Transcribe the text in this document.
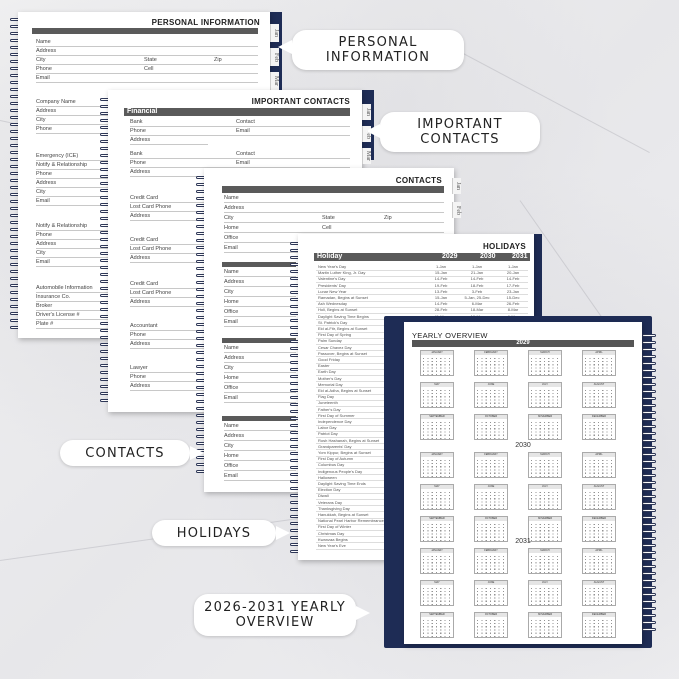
PERSONAL INFORMATION
Name
Address
City	State	Zip
Phone	Cell
Email
Company Name
Address
City
Phone
Emergency (ICE)
Notify & Relationship
Phone
Address
City
Email
Notify & Relationship
Phone
Address
City
Email
Automobile Information
Insurance Co.
Broker
Driver's License #
Plate #
Jan
Feb
Mar
IMPORTANT CONTACTS
Financial
Bank	Contact
Phone	Email
Address
Bank	Contact
Phone	Email
Address
Credit Card
Lost Card Phone
Address
Credit Card
Lost Card Phone
Address
Credit Card
Lost Card Phone
Address
Accountant
Phone
Address
Lawyer
Phone
Address
Jan
Feb
Mar
CONTACTS
Name
Address
City	State	Zip
Home	Cell
Office
Email
Name
Address
City
Home
Office
Email
Name
Address
City
Home
Office
Email
Name
Address
City
Home
Office
Email
Jan
Feb
HOLIDAYS
Holiday	2029	2030 2031
New Year's Day	1-Jan	1-Jan	1-Jan
Martin Luther King, Jr. Day	15-Jan	21-Jan	20-Jan
Valentine's Day	14-Feb	14-Feb	14-Feb
Presidents' Day	19-Feb	18-Feb	17-Feb
Lunar New Year	13-Feb	3-Feb	23-Jan
Ramadan, Begins at Sunset	15-Jan	5-Jan, 25-Dec	15-Dec
Ash Wednesday	14-Feb	6-Mar	26-Feb
Holi, Begins at Sunset	28-Feb	18-Mar	8-Mar
Daylight Saving Time Begins
St. Patrick's Day
Eid al-Fitr, Begins at Sunset
First Day of Spring
Palm Sunday
Cesar Chavez Day
Passover, Begins at Sunset
Good Friday
Easter
Earth Day
Mother's Day
Memorial Day
Eid al-Adha, Begins at Sunset
Flag Day
Juneteenth
Father's Day
First Day of Summer
Independence Day
Labor Day
Patriot Day
Rosh Hashanah, Begins at Sunset
Grandparents' Day
Yom Kippur, Begins at Sunset
First Day of Autumn
Columbus Day
Indigenous People's Day
Halloween
Daylight Saving Time Ends
Election Day
Diwali
Veterans Day
Thanksgiving Day
Hanukkah, Begins at Sunset
National Pearl Harbor Remembrance
First Day of Winter
Christmas Day
Kwanzaa Begins
New Year's Eve
YEARLY OVERVIEW
2029
JANUARY	FEBRUARY	MARCH	APRIL
MAY	JUNE	JULY	AUGUST
SEPTEMBER	OCTOBER	NOVEMBER	DECEMBER
2030
JANUARY	FEBRUARY	MARCH	APRIL
MAY	JUNE	JULY	AUGUST
SEPTEMBER	OCTOBER	NOVEMBER	DECEMBER
2031
JANUARY	FEBRUARY	MARCH	APRIL
MAY	JUNE	JULY	AUGUST
SEPTEMBER	OCTOBER	NOVEMBER	DECEMBER
PERSONAL
INFORMATION
IMPORTANT
CONTACTS
CONTACTS
HOLIDAYS
2026-2031 YEARLY
OVERVIEW
